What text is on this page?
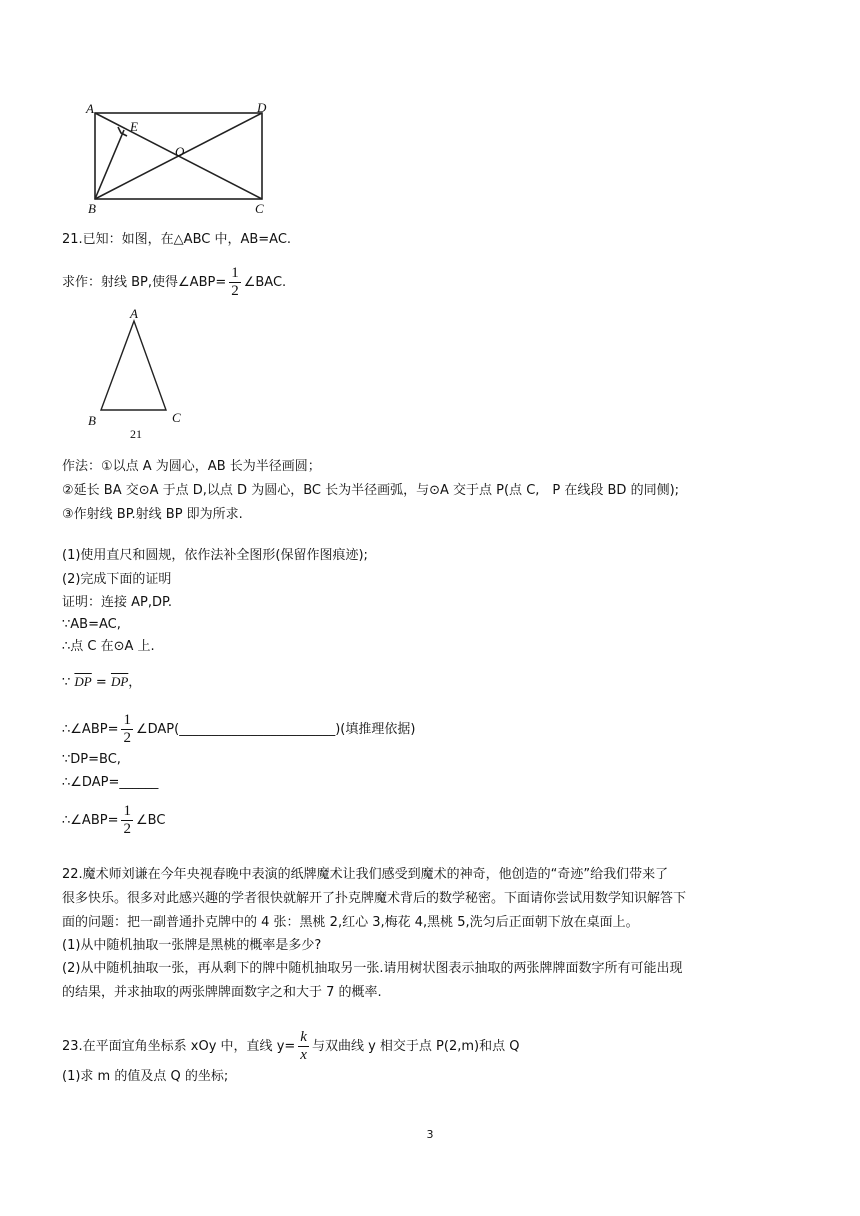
A	D
E
O
B	C
21.已知：如图，在△ABC 中，AB=AC.
求作：射线 BP,使得∠ABP= $\frac{1}{2}$ ∠BAC.
A
B	C
21
作法：①以点 A 为圆心，AB 长为半径画圆；
②延长 BA 交⊙A 于点 D,以点 D 为圆心，BC 长为半径画弧，与⊙A 交于点 P(点 C,　P 在线段 BD 的同侧);
③作射线 BP.射线 BP 即为所求.
(1)使用直尺和圆规，依作法补全图形(保留作图痕迹);
(2)完成下面的证明
证明：连接 AP,DP.
∵AB=AC,
∴点 C 在⊙A 上.
∵ $\overline{DP} = \overline{DP}$，
∴∠ABP= $\frac{1}{2}$ ∠DAP(________________________)(填推理依据)
∵DP=BC,
∴∠DAP=______
∴∠ABP= $\frac{1}{2}$ ∠BC
22.魔术师刘谦在今年央视春晚中表演的纸牌魔术让我们感受到魔术的神奇，他创造的“奇迹”给我们带来了
很多快乐。很多对此感兴趣的学者很快就解开了扑克牌魔术背后的数学秘密。下面请你尝试用数学知识解答下
面的问题：把一副普通扑克牌中的 4 张：黑桃 2,红心 3,梅花 4,黑桃 5,洗匀后正面朝下放在桌面上。
(1)从中随机抽取一张牌是黑桃的概率是多少?
(2)从中随机抽取一张，再从剩下的牌中随机抽取另一张.请用树状图表示抽取的两张牌牌面数字所有可能出现
的结果，并求抽取的两张牌牌面数字之和大于 7 的概率.
23.在平面宜角坐标系 xOy 中，直线 $y= \frac{k}{x}$ 与双曲线 y 相交于点 P(2,m)和点 Q
(1)求 m 的值及点 Q 的坐标;
3
